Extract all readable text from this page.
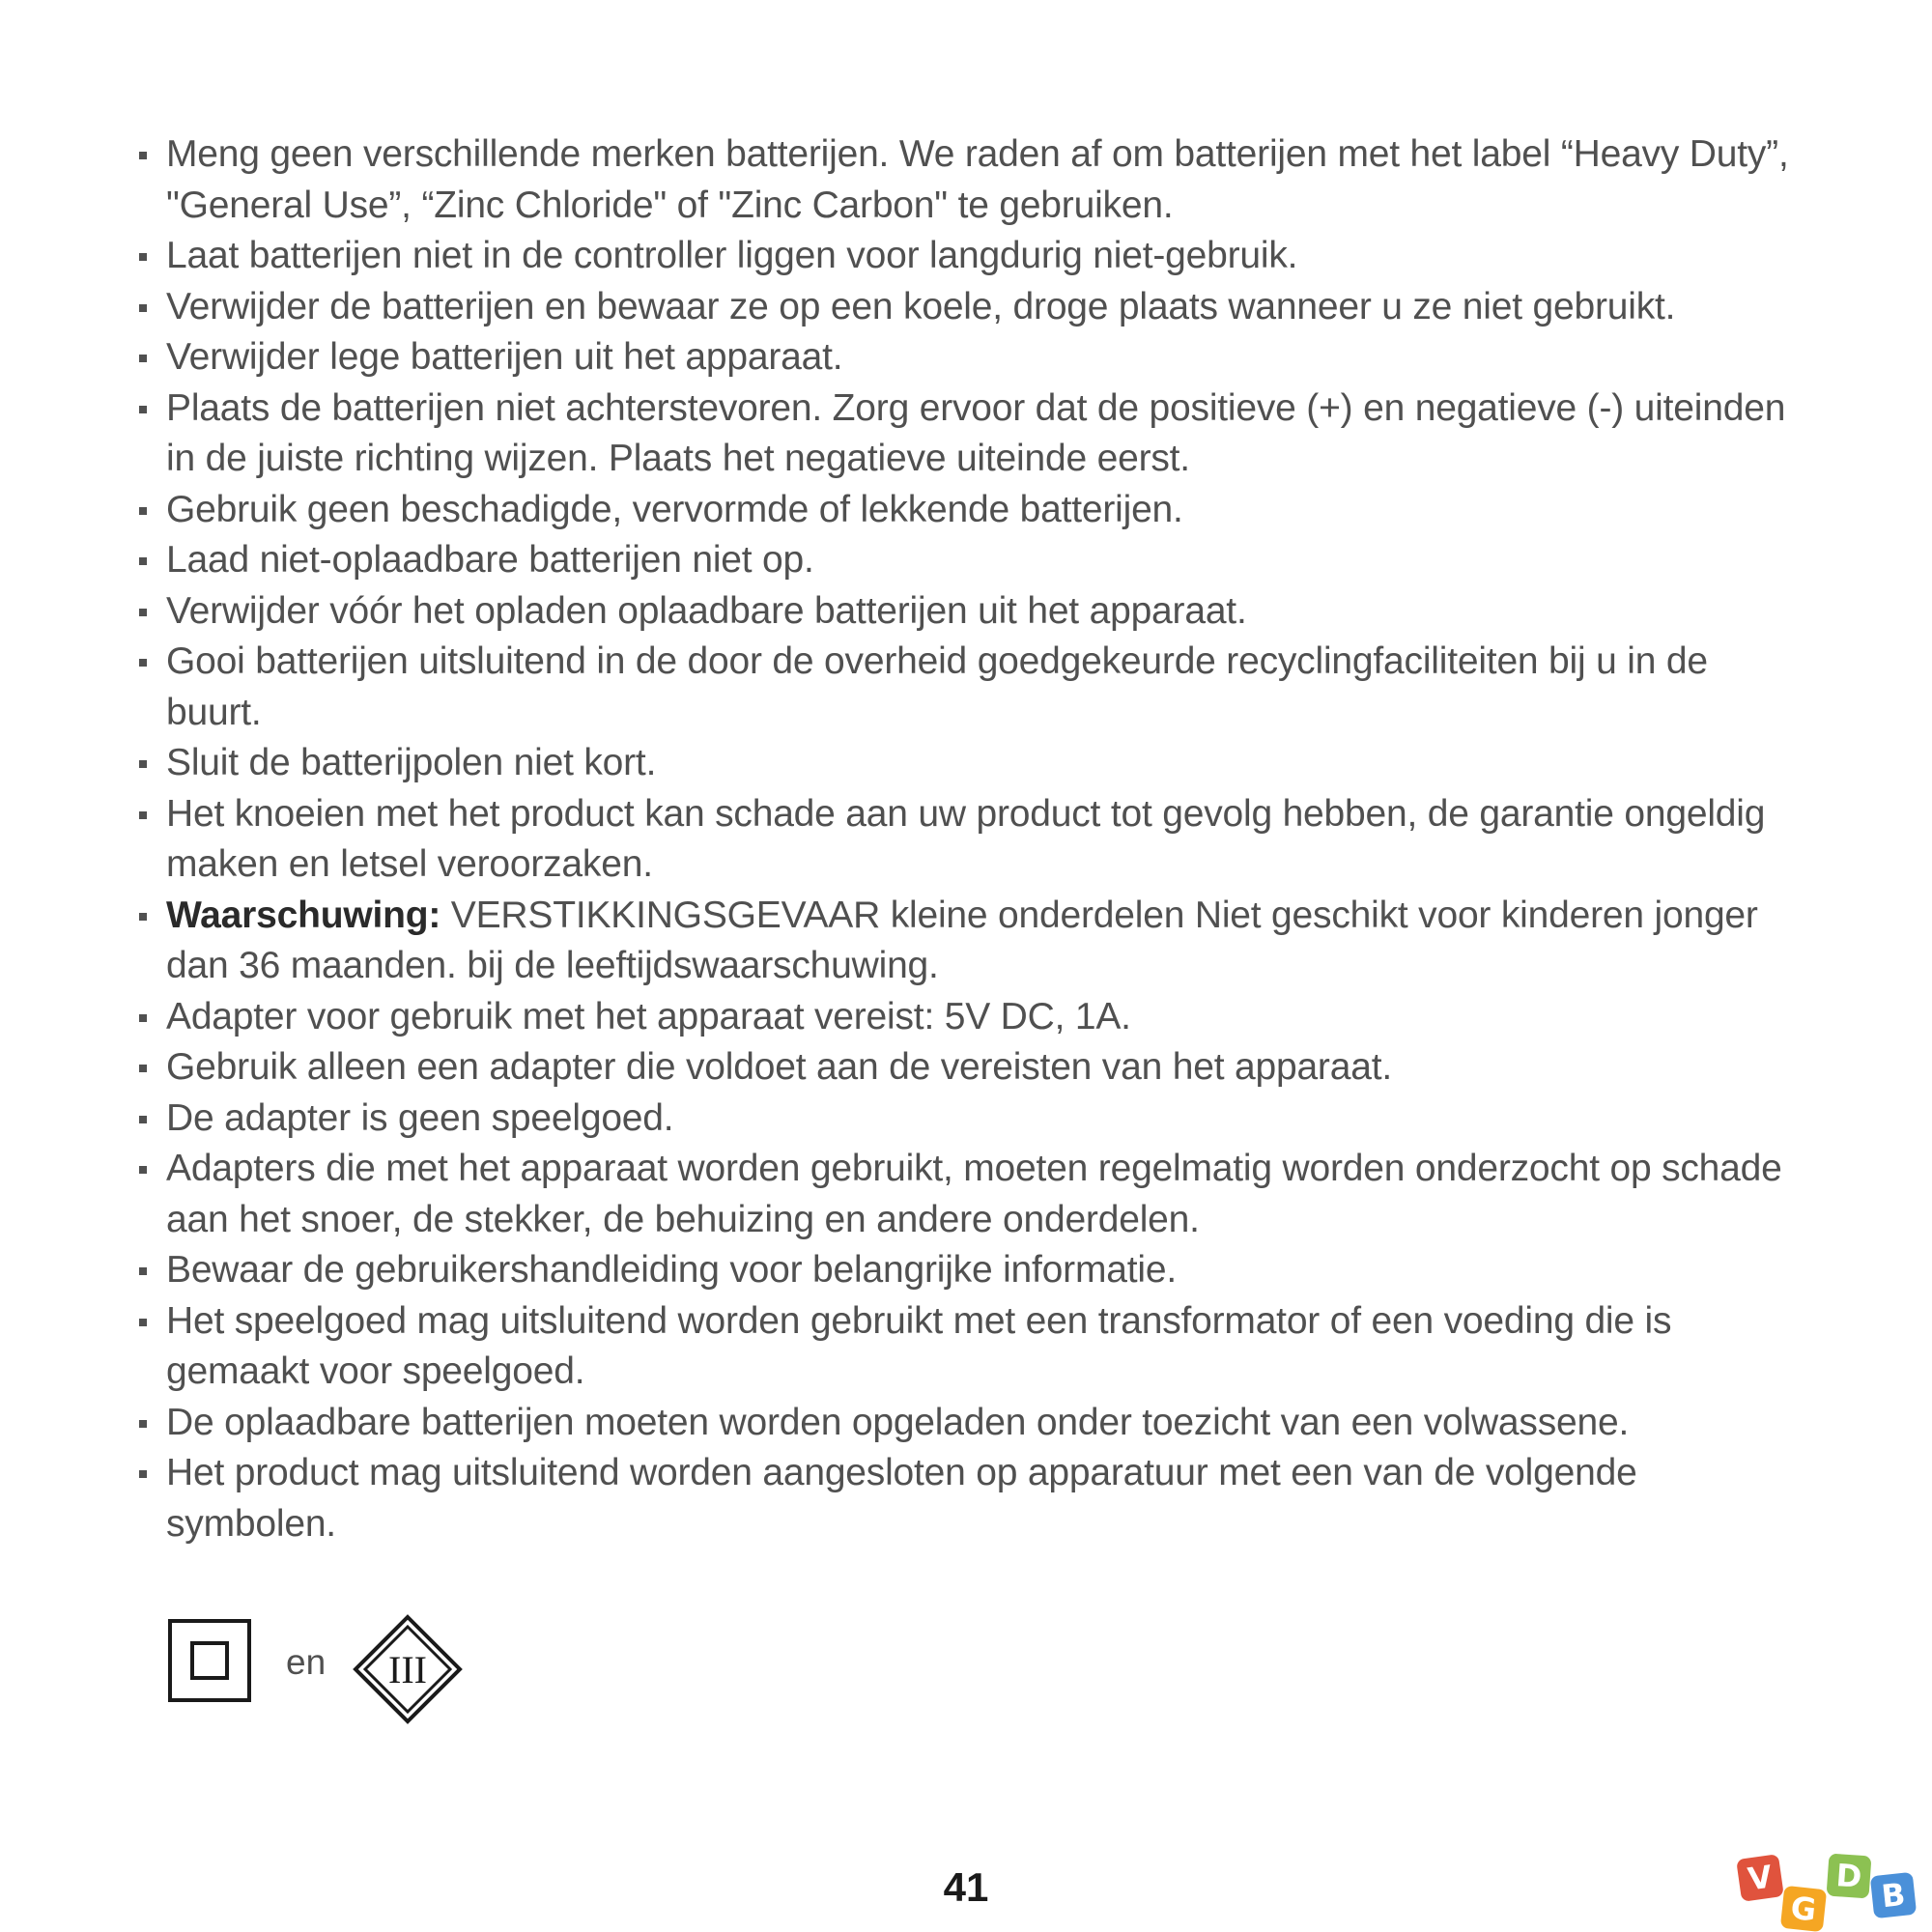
Meng geen verschillende merken batterijen. We raden af om batterijen met het label “Heavy Duty”, "General Use”, “Zinc Chloride" of "Zinc Carbon" te gebruiken.
Laat batterijen niet in de controller liggen voor langdurig niet-gebruik.
Verwijder de batterijen en bewaar ze op een koele, droge plaats wanneer u ze niet gebruikt.
Verwijder lege batterijen uit het apparaat.
Plaats de batterijen niet achterstevoren. Zorg ervoor dat de positieve (+) en negatieve (-) uiteinden in de juiste richting wijzen. Plaats het negatieve uiteinde eerst.
Gebruik geen beschadigde, vervormde of lekkende batterijen.
Laad niet-oplaadbare batterijen niet op.
Verwijder vóór het opladen oplaadbare batterijen uit het apparaat.
Gooi batterijen uitsluitend in de door de overheid goedgekeurde recyclingfaciliteiten bij u in de buurt.
Sluit de batterijpolen niet kort.
Het knoeien met het product kan schade aan uw product tot gevolg hebben, de garantie ongeldig maken en letsel veroorzaken.
Waarschuwing: VERSTIKKINGSGEVAAR kleine onderdelen Niet geschikt voor kinderen jonger dan 36 maanden. bij de leeftijdswaarschuwing.
Adapter voor gebruik met het apparaat vereist: 5V DC, 1A.
Gebruik alleen een adapter die voldoet aan de vereisten van het apparaat.
De adapter is geen speelgoed.
Adapters die met het apparaat worden gebruikt, moeten regelmatig worden onderzocht op schade aan het snoer, de stekker, de behuizing en andere onderdelen.
Bewaar de gebruikershandleiding voor belangrijke informatie.
Het speelgoed mag uitsluitend worden gebruikt met een transformator of een voeding die is gemaakt voor speelgoed.
De oplaadbare batterijen moeten worden opgeladen onder toezicht van een volwassene.
Het product mag uitsluitend worden aangesloten op apparatuur met een van de volgende symbolen.
en III
41	V
G
D B
